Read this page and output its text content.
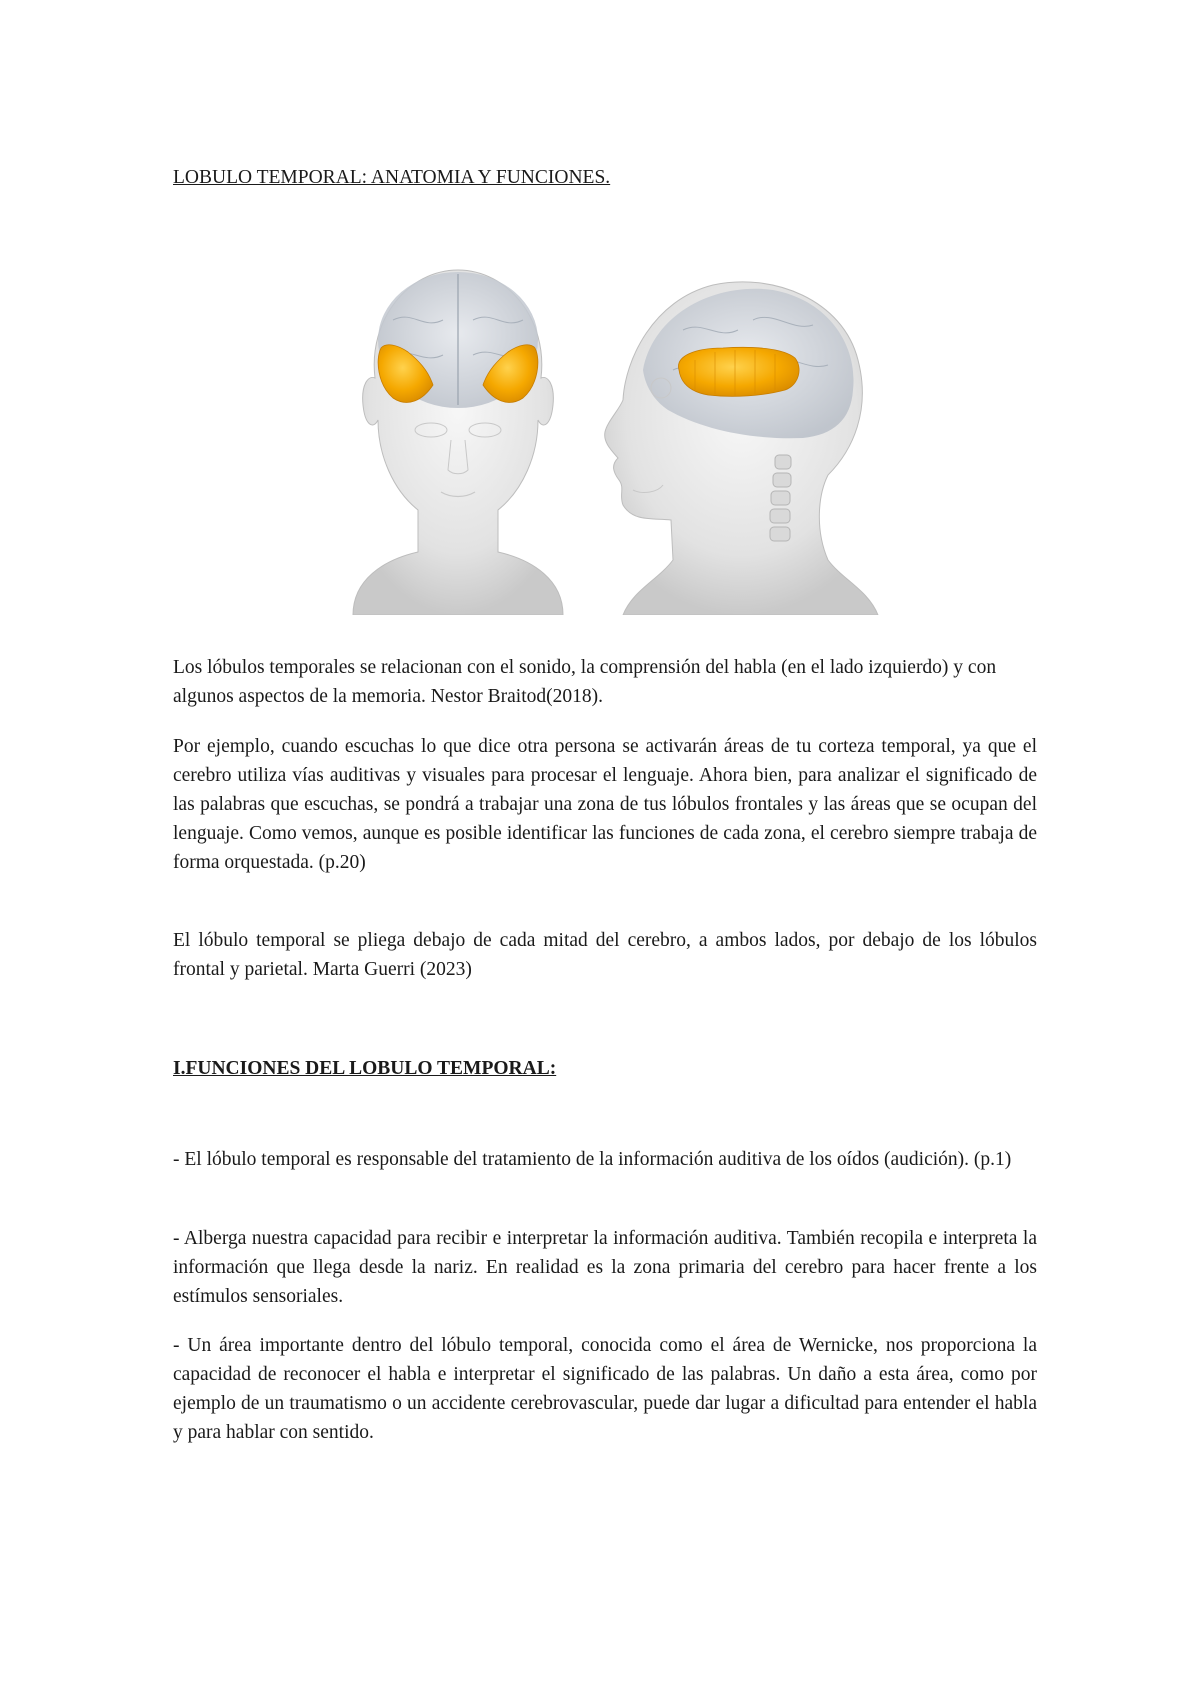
LOBULO TEMPORAL: ANATOMIA Y FUNCIONES.

Los lóbulos temporales se relacionan con el sonido, la comprensión del habla (en el lado izquierdo) y con algunos aspectos de la memoria. Nestor Braitod(2018).

Por ejemplo, cuando escuchas lo que dice otra persona se activarán áreas de tu corteza temporal, ya que el cerebro utiliza vías auditivas y visuales para procesar el lenguaje. Ahora bien, para analizar el significado de las palabras que escuchas, se pondrá a trabajar una zona de tus lóbulos frontales y las áreas que se ocupan del lenguaje. Como vemos, aunque es posible identificar las funciones de cada zona, el cerebro siempre trabaja de forma orquestada. (p.20)

El lóbulo temporal se pliega debajo de cada mitad del cerebro, a ambos lados, por debajo de los lóbulos frontal y parietal. Marta Guerri (2023)

I.FUNCIONES DEL LOBULO TEMPORAL:

- El lóbulo temporal es responsable del tratamiento de la información auditiva de los oídos (audición). (p.1)

- Alberga nuestra capacidad para recibir e interpretar la información auditiva. También recopila e interpreta la información que llega desde la nariz. En realidad es la zona primaria del cerebro para hacer frente a los estímulos sensoriales.

- Un área importante dentro del lóbulo temporal, conocida como el área de Wernicke, nos proporciona la capacidad de reconocer el habla e interpretar el significado de las palabras. Un daño a esta área, como por ejemplo de un traumatismo o un accidente cerebrovascular, puede dar lugar a dificultad para entender el habla y para hablar con sentido.
